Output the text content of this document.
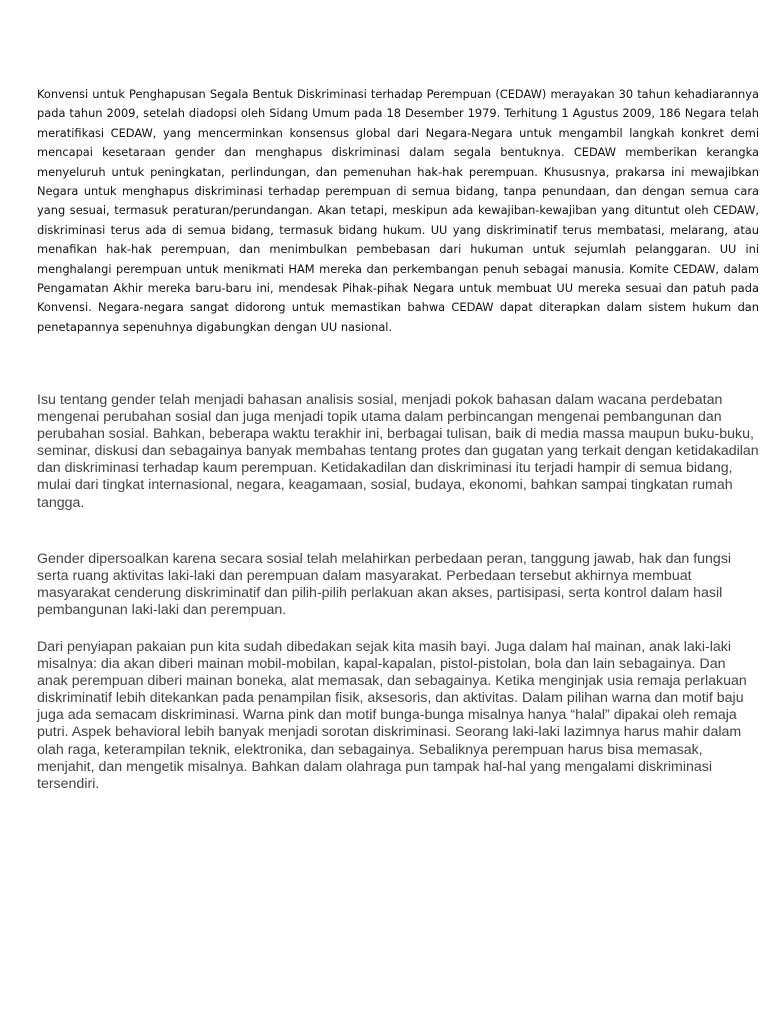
Konvensi untuk Penghapusan Segala Bentuk Diskriminasi terhadap Perempuan (CEDAW) merayakan 30 tahun kehadiarannya pada tahun 2009, setelah diadopsi oleh Sidang Umum pada 18 Desember 1979. Terhitung 1 Agustus 2009, 186 Negara telah meratifikasi CEDAW, yang mencerminkan konsensus global dari Negara-Negara untuk mengambil langkah konkret demi mencapai kesetaraan gender dan menghapus diskriminasi dalam segala bentuknya. CEDAW memberikan kerangka menyeluruh untuk peningkatan, perlindungan, dan pemenuhan hak-hak perempuan. Khususnya, prakarsa ini mewajibkan Negara untuk menghapus diskriminasi terhadap perempuan di semua bidang, tanpa penundaan, dan dengan semua cara yang sesuai, termasuk peraturan/perundangan. Akan tetapi, meskipun ada kewajiban-kewajiban yang dituntut oleh CEDAW, diskriminasi terus ada di semua bidang, termasuk bidang hukum. UU yang diskriminatif terus membatasi, melarang, atau menafikan hak-hak perempuan, dan menimbulkan pembebasan dari hukuman untuk sejumlah pelanggaran. UU ini menghalangi perempuan untuk menikmati HAM mereka dan perkembangan penuh sebagai manusia. Komite CEDAW, dalam Pengamatan Akhir mereka baru-baru ini, mendesak Pihak-pihak Negara untuk membuat UU mereka sesuai dan patuh pada Konvensi. Negara-negara sangat didorong untuk memastikan bahwa CEDAW dapat diterapkan dalam sistem hukum dan penetapannya sepenuhnya digabungkan dengan UU nasional.

Isu tentang gender telah menjadi bahasan analisis sosial, menjadi pokok bahasan dalam wacana perdebatan mengenai perubahan sosial dan juga menjadi topik utama dalam perbincangan mengenai pembangunan dan perubahan sosial. Bahkan, beberapa waktu terakhir ini, berbagai tulisan, baik di media massa maupun buku-buku, seminar, diskusi dan sebagainya banyak membahas tentang protes dan gugatan yang terkait dengan ketidakadilan dan diskriminasi terhadap kaum perempuan. Ketidakadilan dan diskriminasi itu terjadi hampir di semua bidang, mulai dari tingkat internasional, negara, keagamaan, sosial, budaya, ekonomi, bahkan sampai tingkatan rumah tangga.

Gender dipersoalkan karena secara sosial telah melahirkan perbedaan peran, tanggung jawab, hak dan fungsi serta ruang aktivitas laki-laki dan perempuan dalam masyarakat. Perbedaan tersebut akhirnya membuat masyarakat cenderung diskriminatif dan pilih-pilih perlakuan akan akses, partisipasi, serta kontrol dalam hasil pembangunan laki-laki dan perempuan.

Dari penyiapan pakaian pun kita sudah dibedakan sejak kita masih bayi. Juga dalam hal mainan, anak laki-laki misalnya: dia akan diberi mainan mobil-mobilan, kapal-kapalan, pistol-pistolan, bola dan lain sebagainya. Dan anak perempuan diberi mainan boneka, alat memasak, dan sebagainya. Ketika menginjak usia remaja perlakuan diskriminatif lebih ditekankan pada penampilan fisik, aksesoris, dan aktivitas. Dalam pilihan warna dan motif baju juga ada semacam diskriminasi. Warna pink dan motif bunga-bunga misalnya hanya “halal” dipakai oleh remaja putri. Aspek behavioral lebih banyak menjadi sorotan diskriminasi. Seorang laki-laki lazimnya harus mahir dalam olah raga, keterampilan teknik, elektronika, dan sebagainya. Sebaliknya perempuan harus bisa memasak, menjahit, dan mengetik misalnya. Bahkan dalam olahraga pun tampak hal-hal yang mengalami diskriminasi tersendiri.
